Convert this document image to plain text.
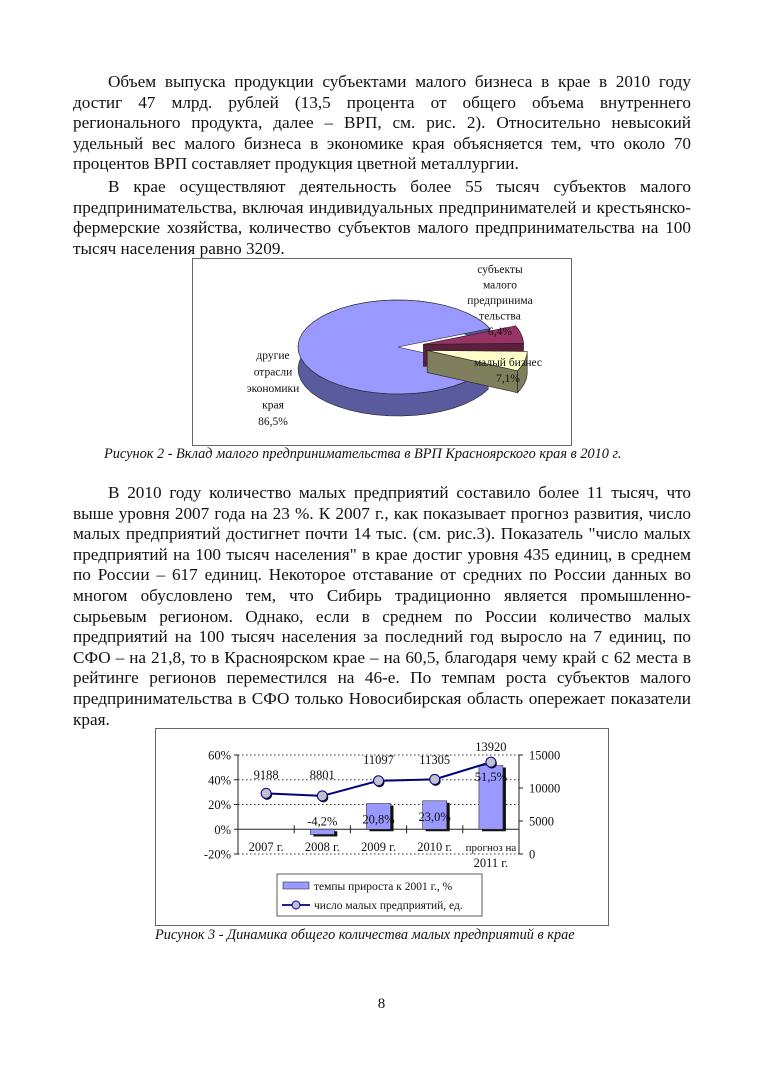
Объем выпуска продукции субъектами малого бизнеса в крае в 2010 году достиг 47 млрд. рублей (13,5 процента от общего объема внутреннего регионального продукта, далее – ВРП, см. рис. 2). Относительно невысокий удельный вес малого бизнеса в экономике края объясняется тем, что около 70 процентов ВРП составляет продукция цветной металлургии.

В крае осуществляют деятельность более 55 тысяч субъектов малого предпринимательства, включая индивидуальных предпринимателей и крестьянско-фермерские хозяйства, количество субъектов малого предпринимательства на 100 тысяч населения равно 3209.

другие
отрасли
экономики
края
86,5%
субъекты
малого
предпринима
тельства
6,4%
малый бизнес
7,1%
Рисунок 2 - Вклад малого предпринимательства в ВРП Красноярского края в 2010 г.

В 2010 году количество малых предприятий составило более 11 тысяч, что выше уровня 2007 года на 23 %. К 2007 г., как показывает прогноз развития, число малых предприятий достигнет почти 14 тыс. (см. рис.3). Показатель "число малых предприятий на 100 тысяч населения" в крае достиг уровня 435 единиц, в среднем по России – 617 единиц. Некоторое отставание от средних по России данных во многом обусловлено тем, что Сибирь традиционно является промышленно-сырьевым регионом. Однако, если в среднем по России количество малых предприятий на 100 тысяч населения за последний год выросло на 7 единиц, по СФО – на 21,8, то в Красноярском крае – на 60,5, благодаря чему край с 62 места в рейтинге регионов переместился на 46-е. По темпам роста субъектов малого предпринимательства в СФО только Новосибирская область опережает показатели края.

-20%
0%
20%
40%
60%
0
5000
10000
15000
-4,2% 20,8% 23,0%
51,5%
9188 8801
11097 11305
13920
2007 г. 2008 г. 2009 г. 2010 г. прогноз на
2011 г.
темпы прироста к 2001 г., %
число малых предприятий, ед.
Рисунок 3 - Динамика общего количества малых предприятий в крае
8
